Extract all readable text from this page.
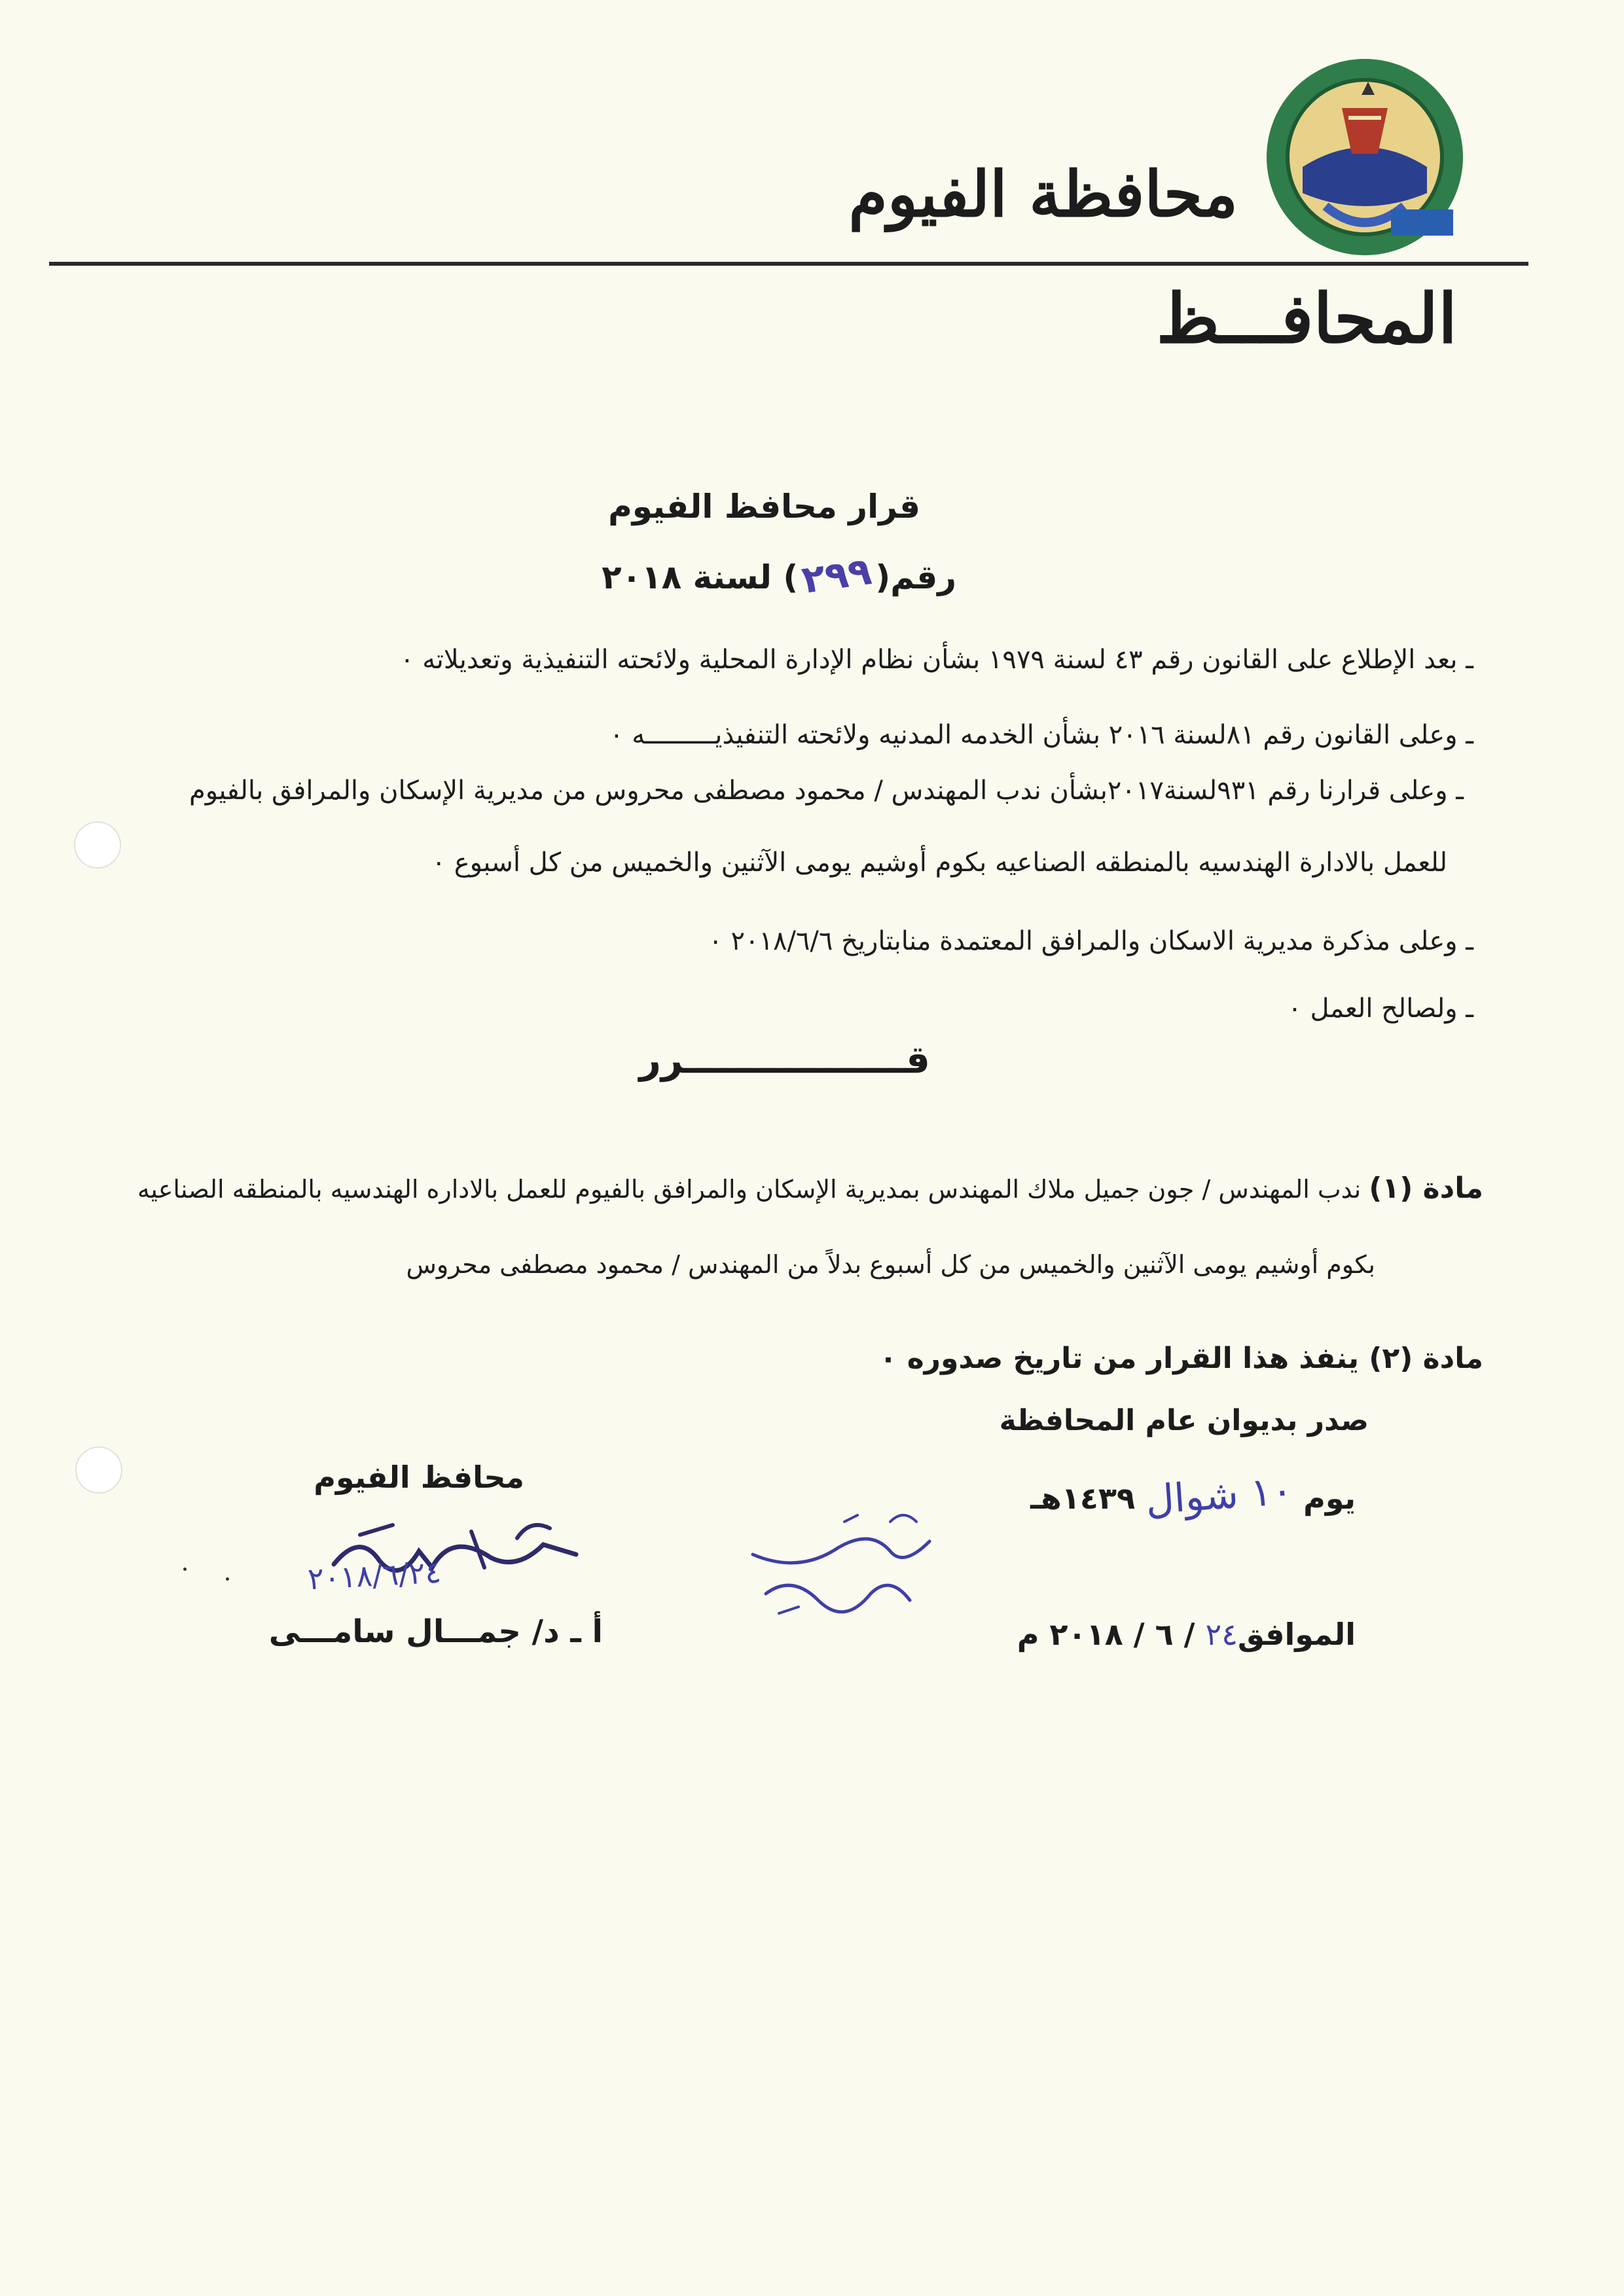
محافظة الفيوم
المحافـــظ
قرار محافظ الفيوم
رقم(٢٩٩) لسنة ٢٠١٨
ـ بعد الإطلاع على القانون رقم ٤٣ لسنة ١٩٧٩ بشأن نظام الإدارة المحلية ولائحته التنفيذية وتعديلاته ٠
ـ وعلى القانون رقم ٨١لسنة ٢٠١٦ بشأن الخدمه المدنيه ولائحته التنفيذيـــــــــه ٠
ـ وعلى قرارنا رقم ٩٣١لسنة٢٠١٧بشأن ندب المهندس / محمود مصطفى محروس من مديرية الإسكان والمرافق بالفيوم
للعمل بالادارة الهندسيه بالمنطقه الصناعيه بكوم أوشيم يومى الآثنين والخميس من كل أسبوع ٠
ـ وعلى مذكرة مديرية الاسكان والمرافق المعتمدة منابتاريخ ٢٠١٨/٦/٦ ٠
ـ ولصالح العمل ٠
قـــــــــــــــــرر
مادة (١) ندب المهندس / جون جميل ملاك المهندس بمديرية الإسكان والمرافق بالفيوم للعمل بالاداره الهندسيه بالمنطقه الصناعيه
بكوم أوشيم يومى الآثنين والخميس من كل أسبوع بدلاً من المهندس / محمود مصطفى محروس
مادة (٢) ينفذ هذا القرار من تاريخ صدوره ٠
صدر بديوان عام المحافظة
يوم ١٠ شوال ١٤٣٩هـ
الموافق٢٤ / ٦ / ٢٠١٨ م
محافظ الفيوم
٢٠١٨/٦/٢٤
أ ـ د/ جمـــال سامـــى
